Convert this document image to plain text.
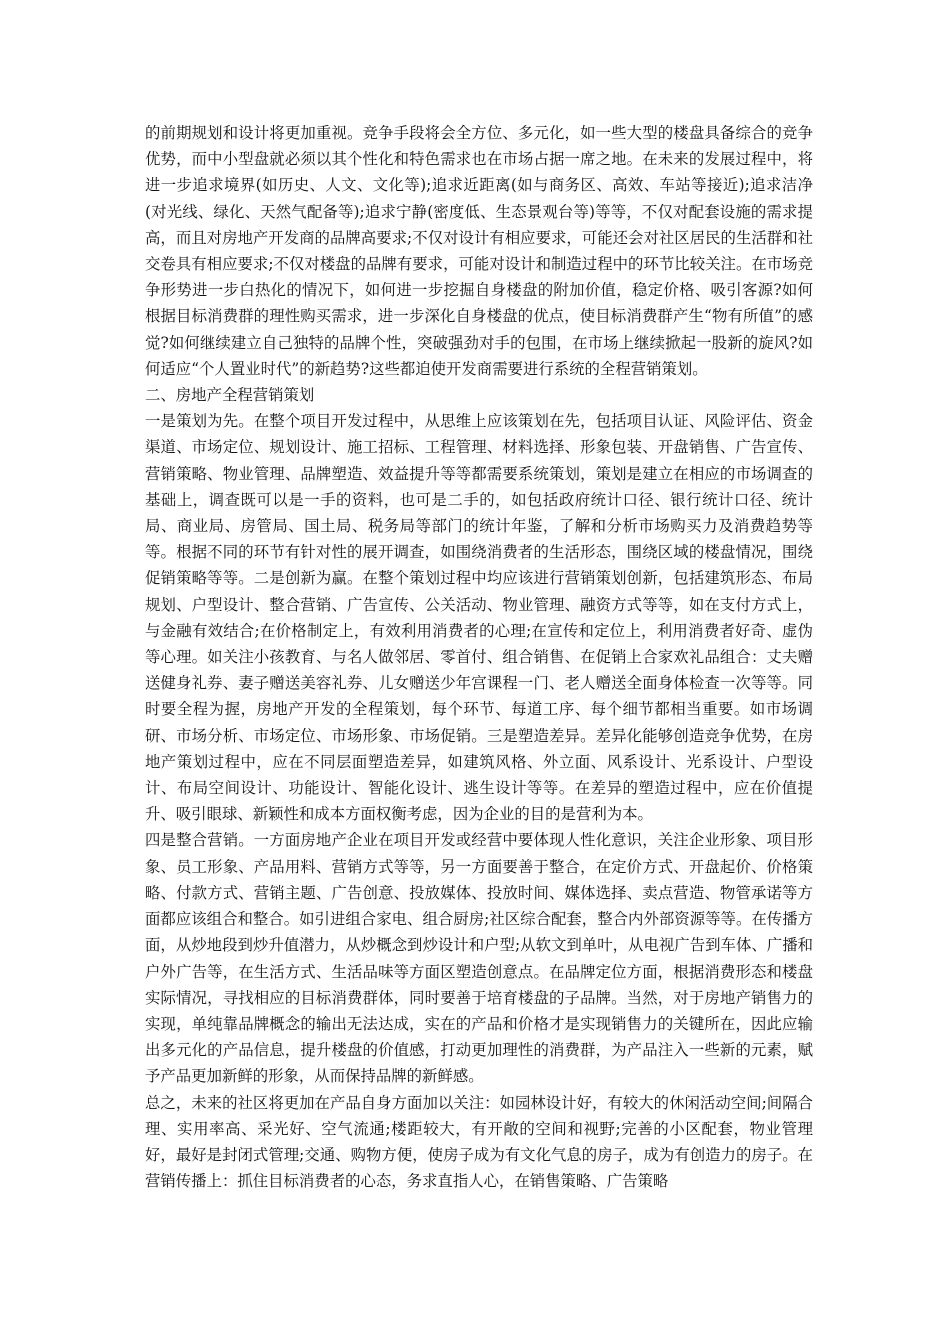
的前期规划和设计将更加重视。竞争手段将会全方位、多元化，如一些大型的楼盘具备综合的竞争优势，而中小型盘就必须以其个性化和特色需求也在市场占据一席之地。在未来的发展过程中，将进一步追求境界(如历史、人文、文化等);追求近距离(如与商务区、高效、车站等接近);追求洁净(对光线、绿化、天然气配备等);追求宁静(密度低、生态景观台等)等等，不仅对配套设施的需求提高，而且对房地产开发商的品牌高要求;不仅对设计有相应要求，可能还会对社区居民的生活群和社交卷具有相应要求;不仅对楼盘的品牌有要求，可能对设计和制造过程中的环节比较关注。在市场竞争形势进一步白热化的情况下，如何进一步挖掘自身楼盘的附加价值，稳定价格、吸引客源?如何根据目标消费群的理性购买需求，进一步深化自身楼盘的优点，使目标消费群产生“物有所值”的感觉?如何继续建立自己独特的品牌个性，突破强劲对手的包围，在市场上继续掀起一股新的旋风?如何适应“个人置业时代”的新趋势?这些都迫使开发商需要进行系统的全程营销策划。

二、房地产全程营销策划

一是策划为先。在整个项目开发过程中，从思维上应该策划在先，包括项目认证、风险评估、资金渠道、市场定位、规划设计、施工招标、工程管理、材料选择、形象包装、开盘销售、广告宣传、营销策略、物业管理、品牌塑造、效益提升等等都需要系统策划，策划是建立在相应的市场调查的基础上，调查既可以是一手的资料，也可是二手的，如包括政府统计口径、银行统计口径、统计局、商业局、房管局、国土局、税务局等部门的统计年鉴，了解和分析市场购买力及消费趋势等等。根据不同的环节有针对性的展开调查，如围绕消费者的生活形态，围绕区域的楼盘情况，围绕促销策略等等。二是创新为赢。在整个策划过程中均应该进行营销策划创新，包括建筑形态、布局规划、户型设计、整合营销、广告宣传、公关活动、物业管理、融资方式等等，如在支付方式上，与金融有效结合;在价格制定上，有效利用消费者的心理;在宣传和定位上，利用消费者好奇、虚伪等心理。如关注小孩教育、与名人做邻居、零首付、组合销售、在促销上合家欢礼品组合：丈夫赠送健身礼券、妻子赠送美容礼券、儿女赠送少年宫课程一门、老人赠送全面身体检查一次等等。同时要全程为握，房地产开发的全程策划，每个环节、每道工序、每个细节都相当重要。如市场调研、市场分析、市场定位、市场形象、市场促销。三是塑造差异。差异化能够创造竞争优势，在房地产策划过程中，应在不同层面塑造差异，如建筑风格、外立面、风系设计、光系设计、户型设计、布局空间设计、功能设计、智能化设计、逃生设计等等。在差异的塑造过程中，应在价值提升、吸引眼球、新颖性和成本方面权衡考虑，因为企业的目的是营利为本。

四是整合营销。一方面房地产企业在项目开发或经营中要体现人性化意识，关注企业形象、项目形象、员工形象、产品用料、营销方式等等，另一方面要善于整合，在定价方式、开盘起价、价格策略、付款方式、营销主题、广告创意、投放媒体、投放时间、媒体选择、卖点营造、物管承诺等方面都应该组合和整合。如引进组合家电、组合厨房;社区综合配套，整合内外部资源等等。在传播方面，从炒地段到炒升值潜力，从炒概念到炒设计和户型;从软文到单叶，从电视广告到车体、广播和户外广告等，在生活方式、生活品味等方面区塑造创意点。在品牌定位方面，根据消费形态和楼盘实际情况，寻找相应的目标消费群体，同时要善于培育楼盘的子品牌。当然，对于房地产销售力的实现，单纯靠品牌概念的输出无法达成，实在的产品和价格才是实现销售力的关键所在，因此应输出多元化的产品信息，提升楼盘的价值感，打动更加理性的消费群，为产品注入一些新的元素，赋予产品更加新鲜的形象，从而保持品牌的新鲜感。

总之，未来的社区将更加在产品自身方面加以关注：如园林设计好，有较大的休闲活动空间;间隔合理、实用率高、采光好、空气流通;楼距较大，有开敞的空间和视野;完善的小区配套，物业管理好，最好是封闭式管理;交通、购物方便，使房子成为有文化气息的房子，成为有创造力的房子。在营销传播上：抓住目标消费者的心态，务求直指人心，在销售策略、广告策略
